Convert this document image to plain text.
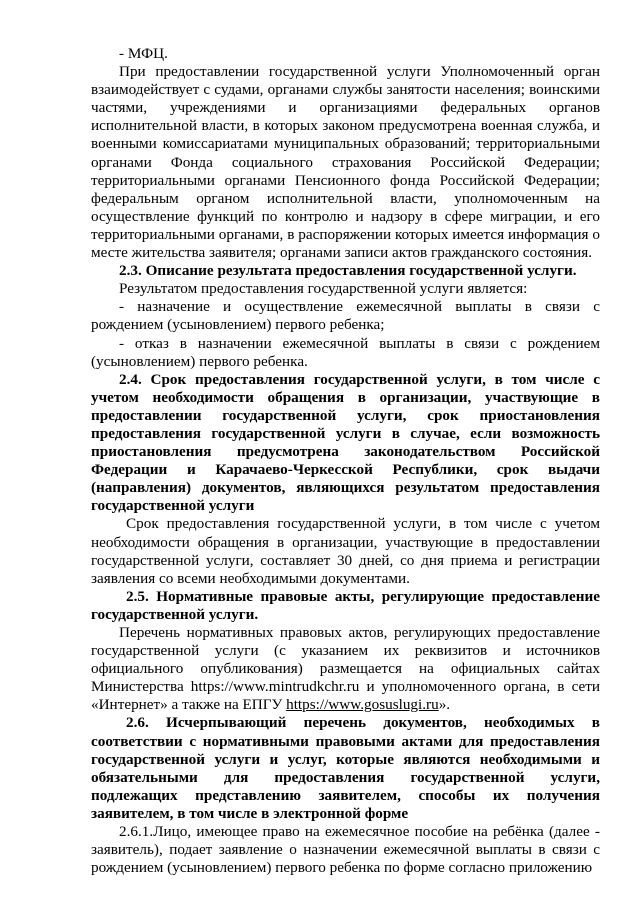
- МФЦ.

При предоставлении государственной услуги Уполномоченный орган взаимодействует с судами, органами службы занятости населения; воинскими частями, учреждениями и организациями федеральных органов исполнительной власти, в которых законом предусмотрена военная служба, и военными комиссариатами муниципальных образований; территориальными органами Фонда социального страхования Российской Федерации; территориальными органами Пенсионного фонда Российской Федерации; федеральным органом исполнительной власти, уполномоченным на осуществление функций по контролю и надзору в сфере миграции, и его территориальными органами, в распоряжении которых имеется информация о месте жительства заявителя; органами записи актов гражданского состояния.

2.3. Описание результата предоставления государственной услуги.

Результатом предоставления государственной услуги является:

- назначение и осуществление ежемесячной выплаты в связи с рождением (усыновлением) первого ребенка;

- отказ в назначении ежемесячной выплаты в связи с рождением (усыновлением) первого ребенка.

2.4. Срок предоставления государственной услуги, в том числе с учетом необходимости обращения в организации, участвующие в предоставлении государственной услуги, срок приостановления предоставления государственной услуги в случае, если возможность приостановления предусмотрена законодательством Российской Федерации и Карачаево-Черкесской Республики, срок выдачи (направления) документов, являющихся результатом предоставления государственной услуги

Срок предоставления государственной услуги, в том числе с учетом необходимости обращения в организации, участвующие в предоставлении государственной услуги, составляет 30 дней, со дня приема и регистрации заявления со всеми необходимыми документами.

2.5. Нормативные правовые акты, регулирующие предоставление государственной услуги.

Перечень нормативных правовых актов, регулирующих предоставление государственной услуги (с указанием их реквизитов и источников официального опубликования) размещается на официальных сайтах Министерства https://www.mintrudkchr.ru и уполномоченного органа, в сети «Интернет» а также на ЕПГУ https://www.gosuslugi.ru».

2.6. Исчерпывающий перечень документов, необходимых в соответствии с нормативными правовыми актами для предоставления государственной услуги и услуг, которые являются необходимыми и обязательными для предоставления государственной услуги, подлежащих представлению заявителем, способы их получения заявителем, в том числе в электронной форме

2.6.1.Лицо, имеющее право на ежемесячное пособие на ребёнка (далее - заявитель), подает заявление о назначении ежемесячной выплаты в связи с рождением (усыновлением) первого ребенка по форме согласно приложению
